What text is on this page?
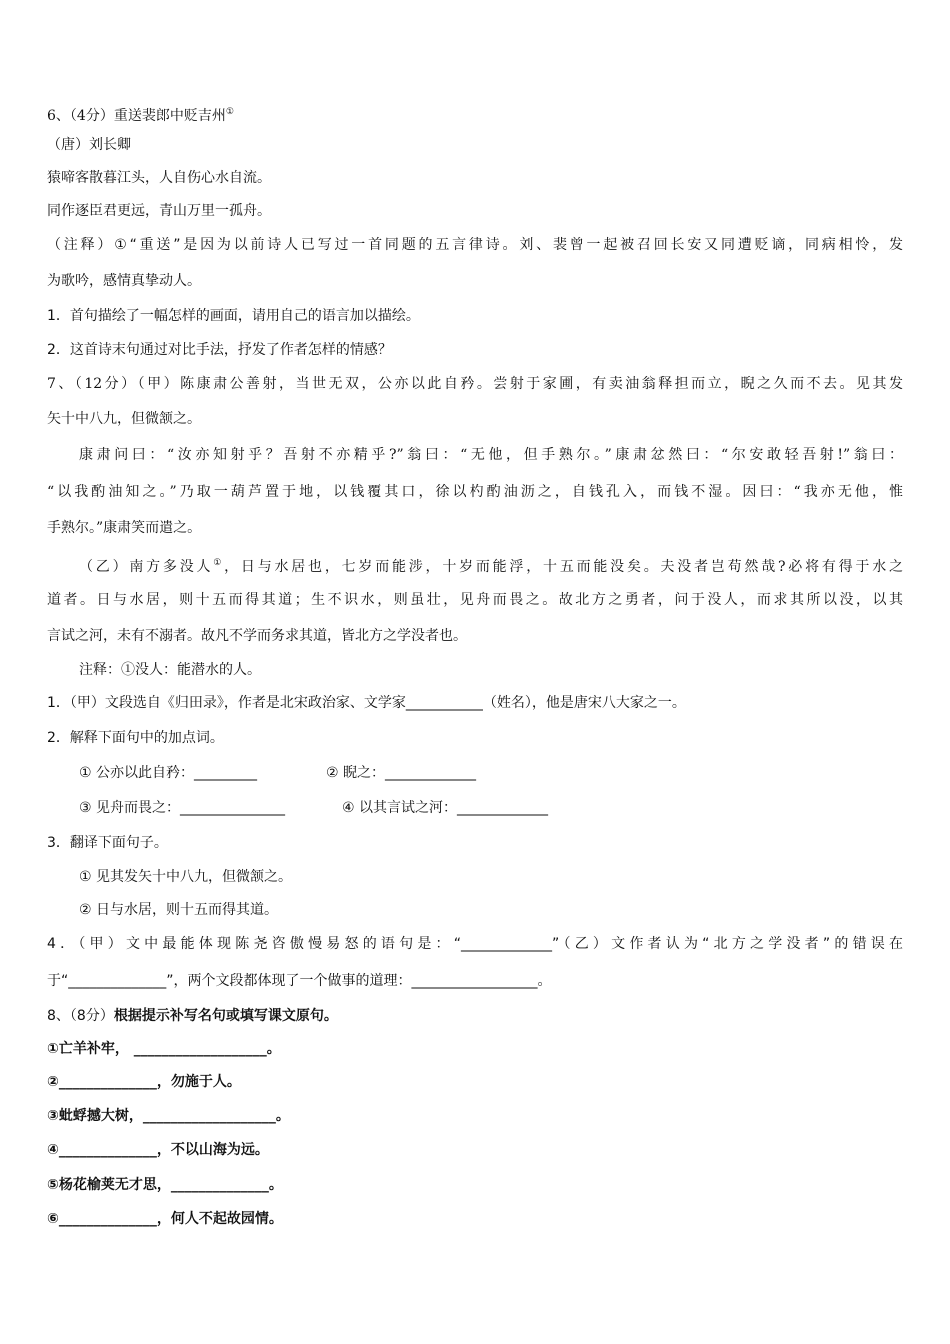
6、（4分）重送裴郎中贬吉州①
（唐）刘长卿
猿啼客散暮江头，人自伤心水自流。
同作逐臣君更远，青山万里一孤舟。
（注释）①“重送”是因为以前诗人已写过一首同题的五言律诗。刘、裴曾一起被召回长安又同遭贬谪，同病相怜，发
为歌吟，感情真挚动人。
1．首句描绘了一幅怎样的画面，请用自己的语言加以描绘。
2．这首诗末句通过对比手法，抒发了作者怎样的情感？
7、（12分）（甲）陈康肃公善射，当世无双，公亦以此自矜。尝射于家圃，有卖油翁释担而立，睨之久而不去。见其发
矢十中八九，但微颔之。
康肃问曰：“汝亦知射乎？吾射不亦精乎?”翁曰：“无他，但手熟尔。”康肃忿然曰：“尔安敢轻吾射!”翁曰：
“以我酌油知之。”乃取一葫芦置于地，以钱覆其口，徐以杓酌油沥之，自钱孔入，而钱不湿。因曰：“我亦无他，惟
手熟尔。”康肃笑而遣之。
（乙）南方多没人①，日与水居也，七岁而能涉，十岁而能浮，十五而能没矣。夫没者岂苟然哉?必将有得于水之
道者。日与水居，则十五而得其道；生不识水，则虽壮，见舟而畏之。故北方之勇者，问于没人，而求其所以没，以其
言试之河，未有不溺者。故凡不学而务求其道，皆北方之学没者也。
注释：①没人：能潜水的人。
1．（甲）文段选自《归田录》，作者是北宋政治家、文学家___________（姓名），他是唐宋八大家之一。
2．解释下面句中的加点词。
① 公亦以此自矜：_________	② 睨之：_____________
③ 见舟而畏之：_______________	④ 以其言试之河：_____________
3．翻译下面句子。
① 见其发矢十中八九，但微颔之。
② 日与水居，则十五而得其道。
4．（甲）文中最能体现陈尧咨傲慢易怒的语句是：“_____________”（乙）文作者认为“北方之学没者”的错误在
于“______________”，两个文段都体现了一个做事的道理：__________________。
8、（8分）根据提示补写名句或填写课文原句。
①亡羊补牢， ___________________。
②______________，勿施于人。
③蚍蜉撼大树，___________________。
④______________，不以山海为远。
⑤杨花榆荚无才思，______________。
⑥______________，何人不起故园情。
